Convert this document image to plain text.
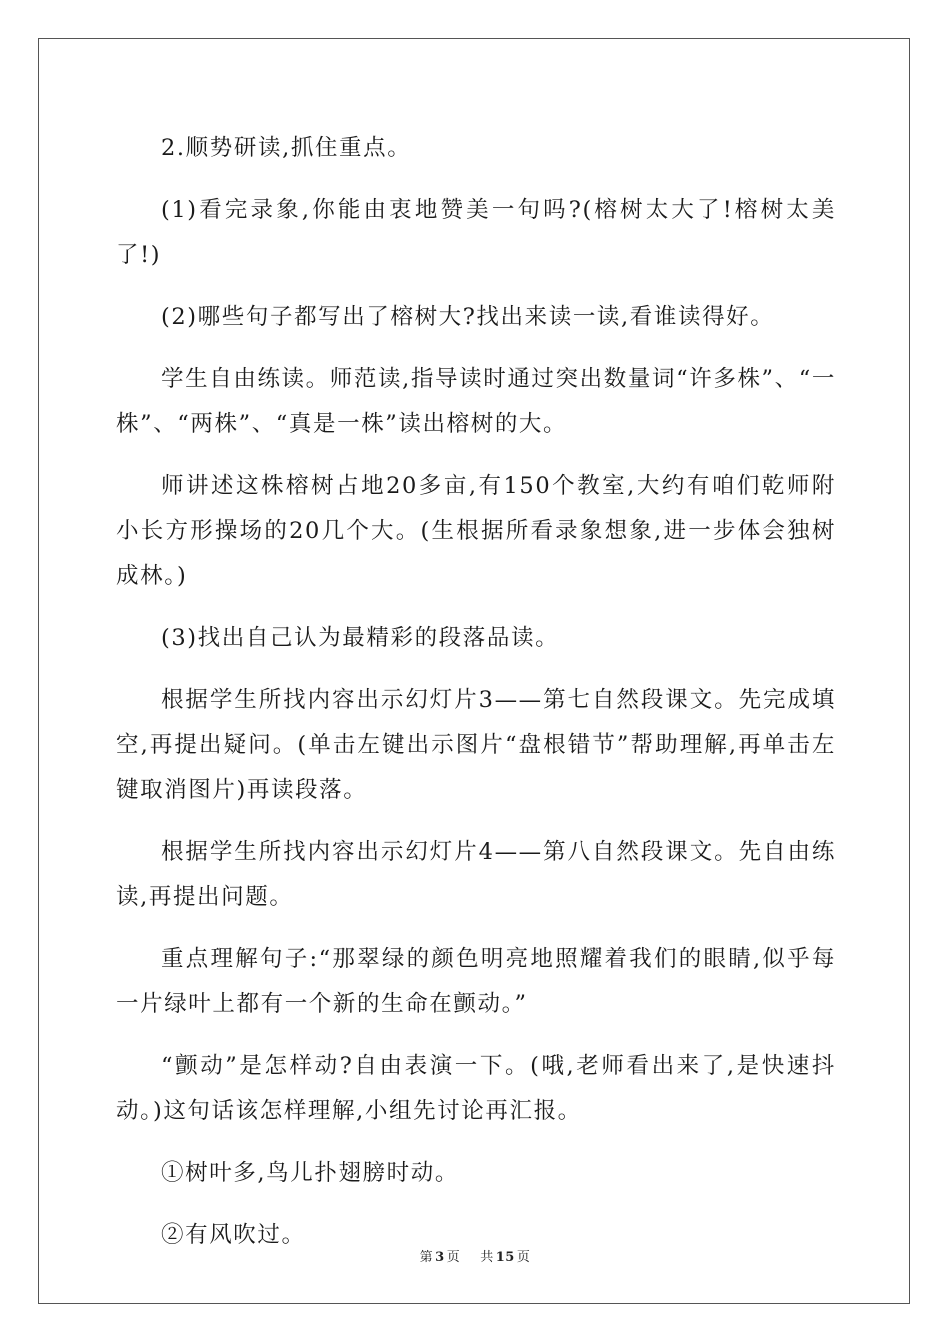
2.顺势研读,抓住重点。

(1)看完录象,你能由衷地赞美一句吗?(榕树太大了!榕树太美了!)

(2)哪些句子都写出了榕树大?找出来读一读,看谁读得好。

学生自由练读。师范读,指导读时通过突出数量词“许多株”、“一株”、“两株”、“真是一株”读出榕树的大。

师讲述这株榕树占地20多亩,有150个教室,大约有咱们乾师附小长方形操场的20几个大。(生根据所看录象想象,进一步体会独树成林。)

(3)找出自己认为最精彩的段落品读。

根据学生所找内容出示幻灯片3——第七自然段课文。先完成填空,再提出疑问。(单击左键出示图片“盘根错节”帮助理解,再单击左键取消图片)再读段落。

根据学生所找内容出示幻灯片4——第八自然段课文。先自由练读,再提出问题。

重点理解句子:“那翠绿的颜色明亮地照耀着我们的眼睛,似乎每一片绿叶上都有一个新的生命在颤动。”

“颤动”是怎样动?自由表演一下。(哦,老师看出来了,是快速抖动。)这句话该怎样理解,小组先讨论再汇报。

①树叶多,鸟儿扑翅膀时动。

②有风吹过。

第 3 页 共 15 页
